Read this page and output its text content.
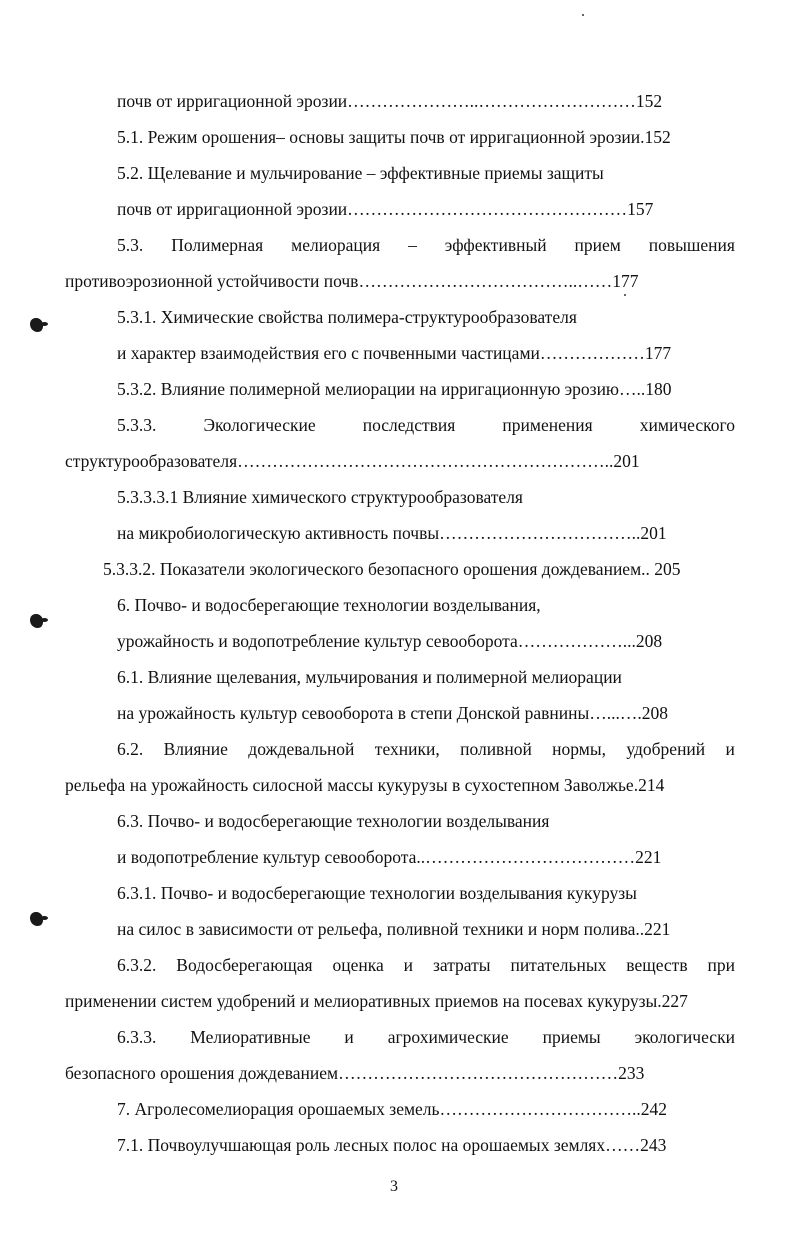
почв от ирригационной эрозии…………………..………………………152
5.1. Режим орошения– основы защиты почв от ирригационной эрозии.152
5.2. Щелевание и мульчирование – эффективные приемы защиты
почв от ирригационной эрозии…………………………………………157
5.3. Полимерная мелиорация – эффективный прием повышения
противоэрозионной устойчивости почв………………………………..……177
5.3.1. Химические свойства полимера-структурообразователя
и характер взаимодействия его с почвенными частицами………………177
5.3.2. Влияние полимерной мелиорации на ирригационную эрозию…..180
5.3.3.	Экологические	последствия	применения	химического
структурообразователя………………………………………………………..201
5.3.3.3.1 Влияние химического структурообразователя
на микробиологическую активность почвы……………………………..201
5.3.3.2. Показатели экологического безопасного орошения дождеванием.. 205
6. Почво- и водосберегающие технологии возделывания,
урожайность и водопотребление культур севооборота………………...208
6.1. Влияние щелевания, мульчирования и полимерной мелиорации
на урожайность культур севооборота в степи Донской равнины…...….208
6.2. Влияние дождевальной техники, поливной нормы, удобрений и
рельефа на урожайность силосной массы кукурузы в сухостепном Заволжье.214
6.3. Почво- и водосберегающие технологии возделывания
и водопотребление культур севооборота..………………………………221
6.3.1. Почво- и водосберегающие технологии возделывания кукурузы
на силос в зависимости от рельефа, поливной техники и норм полива..221
6.3.2. Водосберегающая оценка и затраты питательных веществ при
применении систем удобрений и мелиоративных приемов на посевах кукурузы.227
6.3.3. Мелиоративные и агрохимические приемы экологически
безопасного орошения дождеванием…………………………………………233
7. Агролесомелиорация орошаемых земель……………………………..242
7.1. Почвоулучшающая роль лесных полос на орошаемых землях……243
3
